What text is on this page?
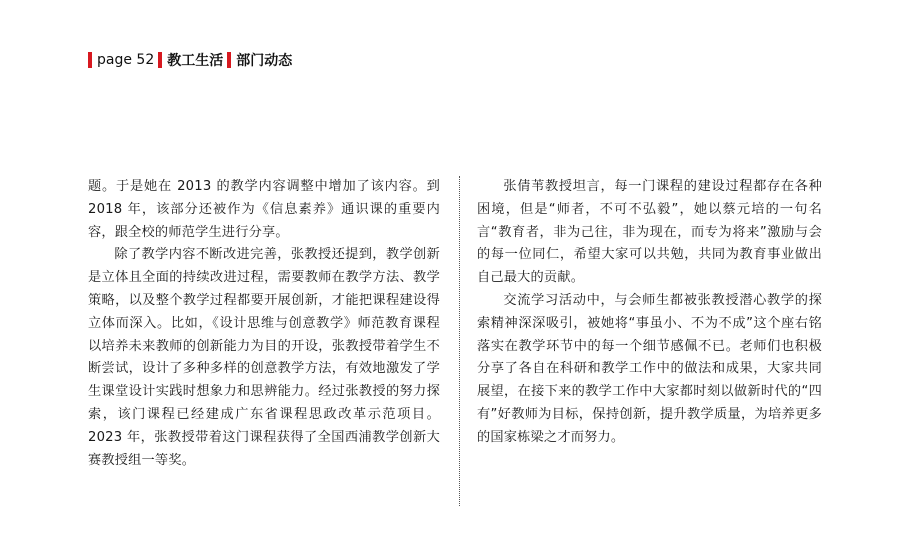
page 52 教工生活 部门动态

题。于是她在 2013 的教学内容调整中增加了该内容。到 2018 年，该部分还被作为《信息素养》通识课的重要内容，跟全校的师范学生进行分享。

除了教学内容不断改进完善，张教授还提到，教学创新是立体且全面的持续改进过程，需要教师在教学方法、教学策略，以及整个教学过程都要开展创新，才能把课程建设得立体而深入。比如，《设计思维与创意教学》师范教育课程以培养未来教师的创新能力为目的开设，张教授带着学生不断尝试，设计了多种多样的创意教学方法，有效地激发了学生课堂设计实践时想象力和思辨能力。经过张教授的努力探索，该门课程已经建成广东省课程思政改革示范项目。2023 年，张教授带着这门课程获得了全国西浦教学创新大赛教授组一等奖。

张倩苇教授坦言，每一门课程的建设过程都存在各种困境，但是“师者，不可不弘毅”，她以蔡元培的一句名言“教育者，非为己往，非为现在，而专为将来”激励与会的每一位同仁，希望大家可以共勉，共同为教育事业做出自己最大的贡献。

交流学习活动中，与会师生都被张教授潜心教学的探索精神深深吸引，被她将“事虽小、不为不成”这个座右铭落实在教学环节中的每一个细节感佩不已。老师们也积极分享了各自在科研和教学工作中的做法和成果，大家共同展望，在接下来的教学工作中大家都时刻以做新时代的“四有”好教师为目标，保持创新，提升教学质量，为培养更多的国家栋梁之才而努力。
